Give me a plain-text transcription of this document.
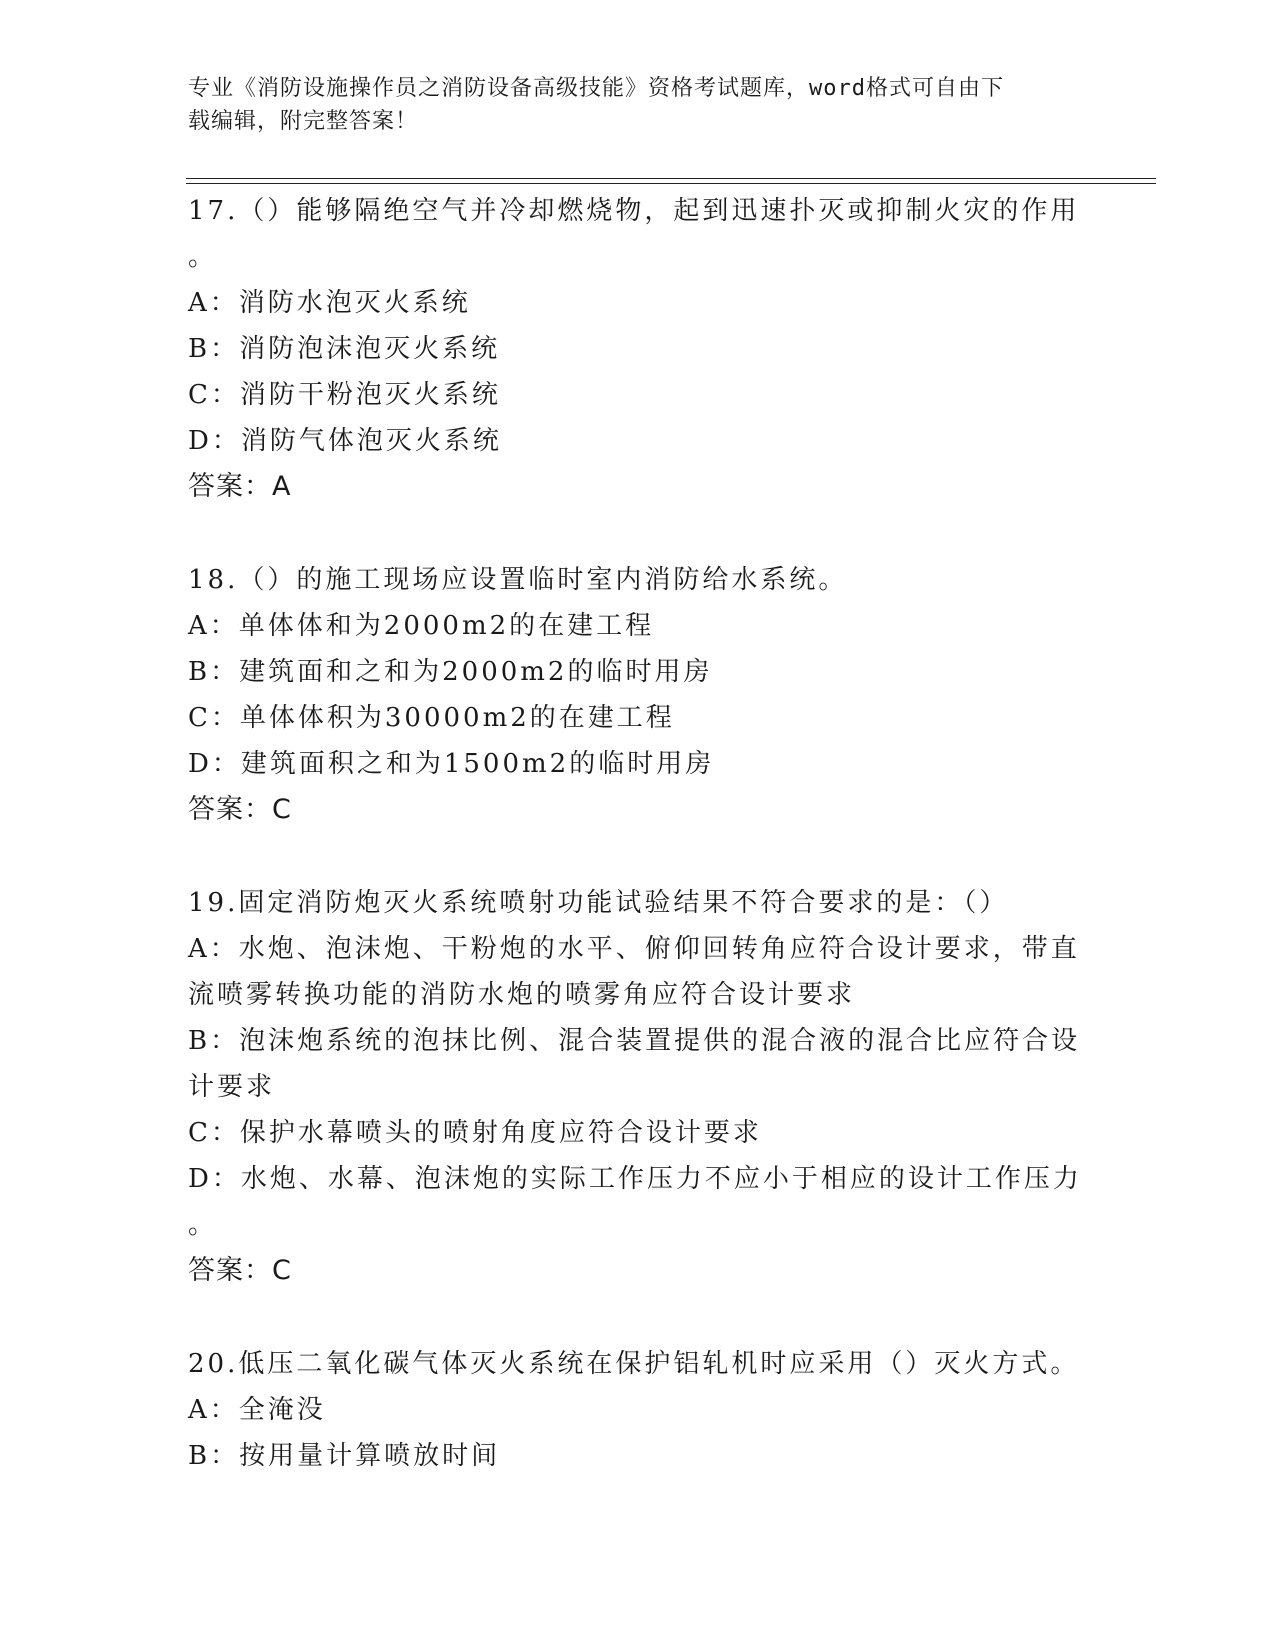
专业《消防设施操作员之消防设备高级技能》资格考试题库，word格式可自由下
载编辑，附完整答案！
17.（）能够隔绝空气并冷却燃烧物，起到迅速扑灭或抑制火灾的作用
。
A：消防水泡灭火系统
B：消防泡沫泡灭火系统
C：消防干粉泡灭火系统
D：消防气体泡灭火系统
答案：A
18.（）的施工现场应设置临时室内消防给水系统。
A：单体体和为2000m2的在建工程
B：建筑面和之和为2000m2的临时用房
C：单体体积为30000m2的在建工程
D：建筑面积之和为1500m2的临时用房
答案：C
19.固定消防炮灭火系统喷射功能试验结果不符合要求的是：（）
A：水炮、泡沫炮、干粉炮的水平、俯仰回转角应符合设计要求，带直
流喷雾转换功能的消防水炮的喷雾角应符合设计要求
B：泡沫炮系统的泡抹比例、混合装置提供的混合液的混合比应符合设
计要求
C：保护水幕喷头的喷射角度应符合设计要求
D：水炮、水幕、泡沫炮的实际工作压力不应小于相应的设计工作压力
。
答案：C
20.低压二氧化碳气体灭火系统在保护铝轧机时应采用（）灭火方式。
A：全淹没
B：按用量计算喷放时间
